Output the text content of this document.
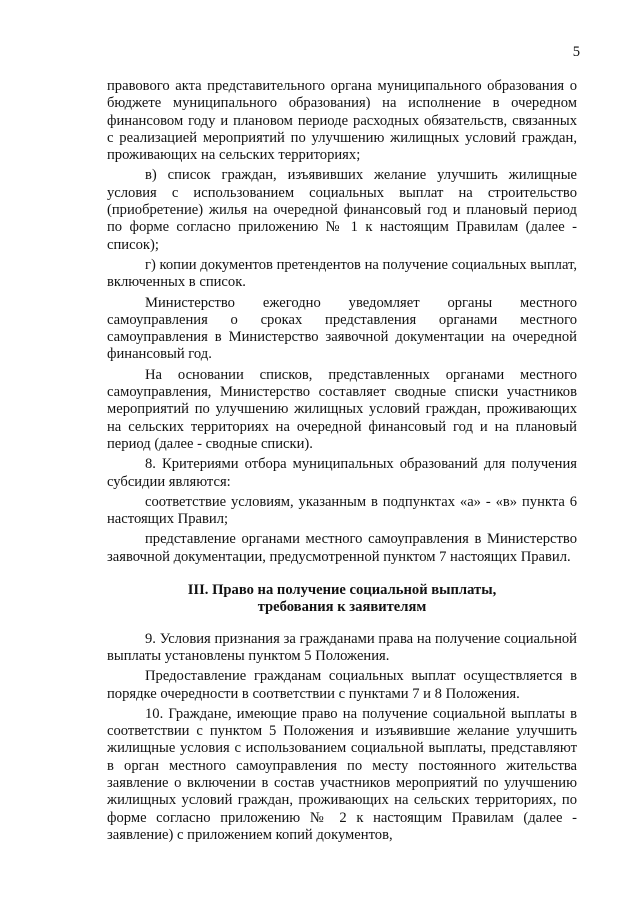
5

правового акта представительного органа муниципального образования о бюджете муниципального образования) на исполнение в очередном финансовом году и плановом периоде расходных обязательств, связанных с реализацией мероприятий по улучшению жилищных условий граждан, проживающих на сельских территориях;

в) список граждан, изъявивших желание улучшить жилищные условия с использованием социальных выплат на строительство (приобретение) жилья на очередной финансовый год и плановый период по форме согласно приложению № 1 к настоящим Правилам (далее - список);

г) копии документов претендентов на получение социальных выплат, включенных в список.

Министерство ежегодно уведомляет органы местного самоуправления о сроках представления органами местного самоуправления в Министерство заявочной документации на очередной финансовый год.

На основании списков, представленных органами местного самоуправления, Министерство составляет сводные списки участников мероприятий по улучшению жилищных условий граждан, проживающих на сельских территориях на очередной финансовый год и на плановый период (далее - сводные списки).

8. Критериями отбора муниципальных образований для получения субсидии являются:

соответствие условиям, указанным в подпунктах «а» - «в» пункта 6 настоящих Правил;

представление органами местного самоуправления в Министерство заявочной документации, предусмотренной пунктом 7 настоящих Правил.

III. Право на получение социальной выплаты,
требования к заявителям

9. Условия признания за гражданами права на получение социальной выплаты установлены пунктом 5 Положения.

Предоставление гражданам социальных выплат осуществляется в порядке очередности в соответствии с пунктами 7 и 8 Положения.

10. Граждане, имеющие право на получение социальной выплаты в соответствии с пунктом 5 Положения и изъявившие желание улучшить жилищные условия с использованием социальной выплаты, представляют в орган местного самоуправления по месту постоянного жительства заявление о включении в состав участников мероприятий по улучшению жилищных условий граждан, проживающих на сельских территориях, по форме согласно приложению № 2 к настоящим Правилам (далее - заявление) с приложением копий документов,
